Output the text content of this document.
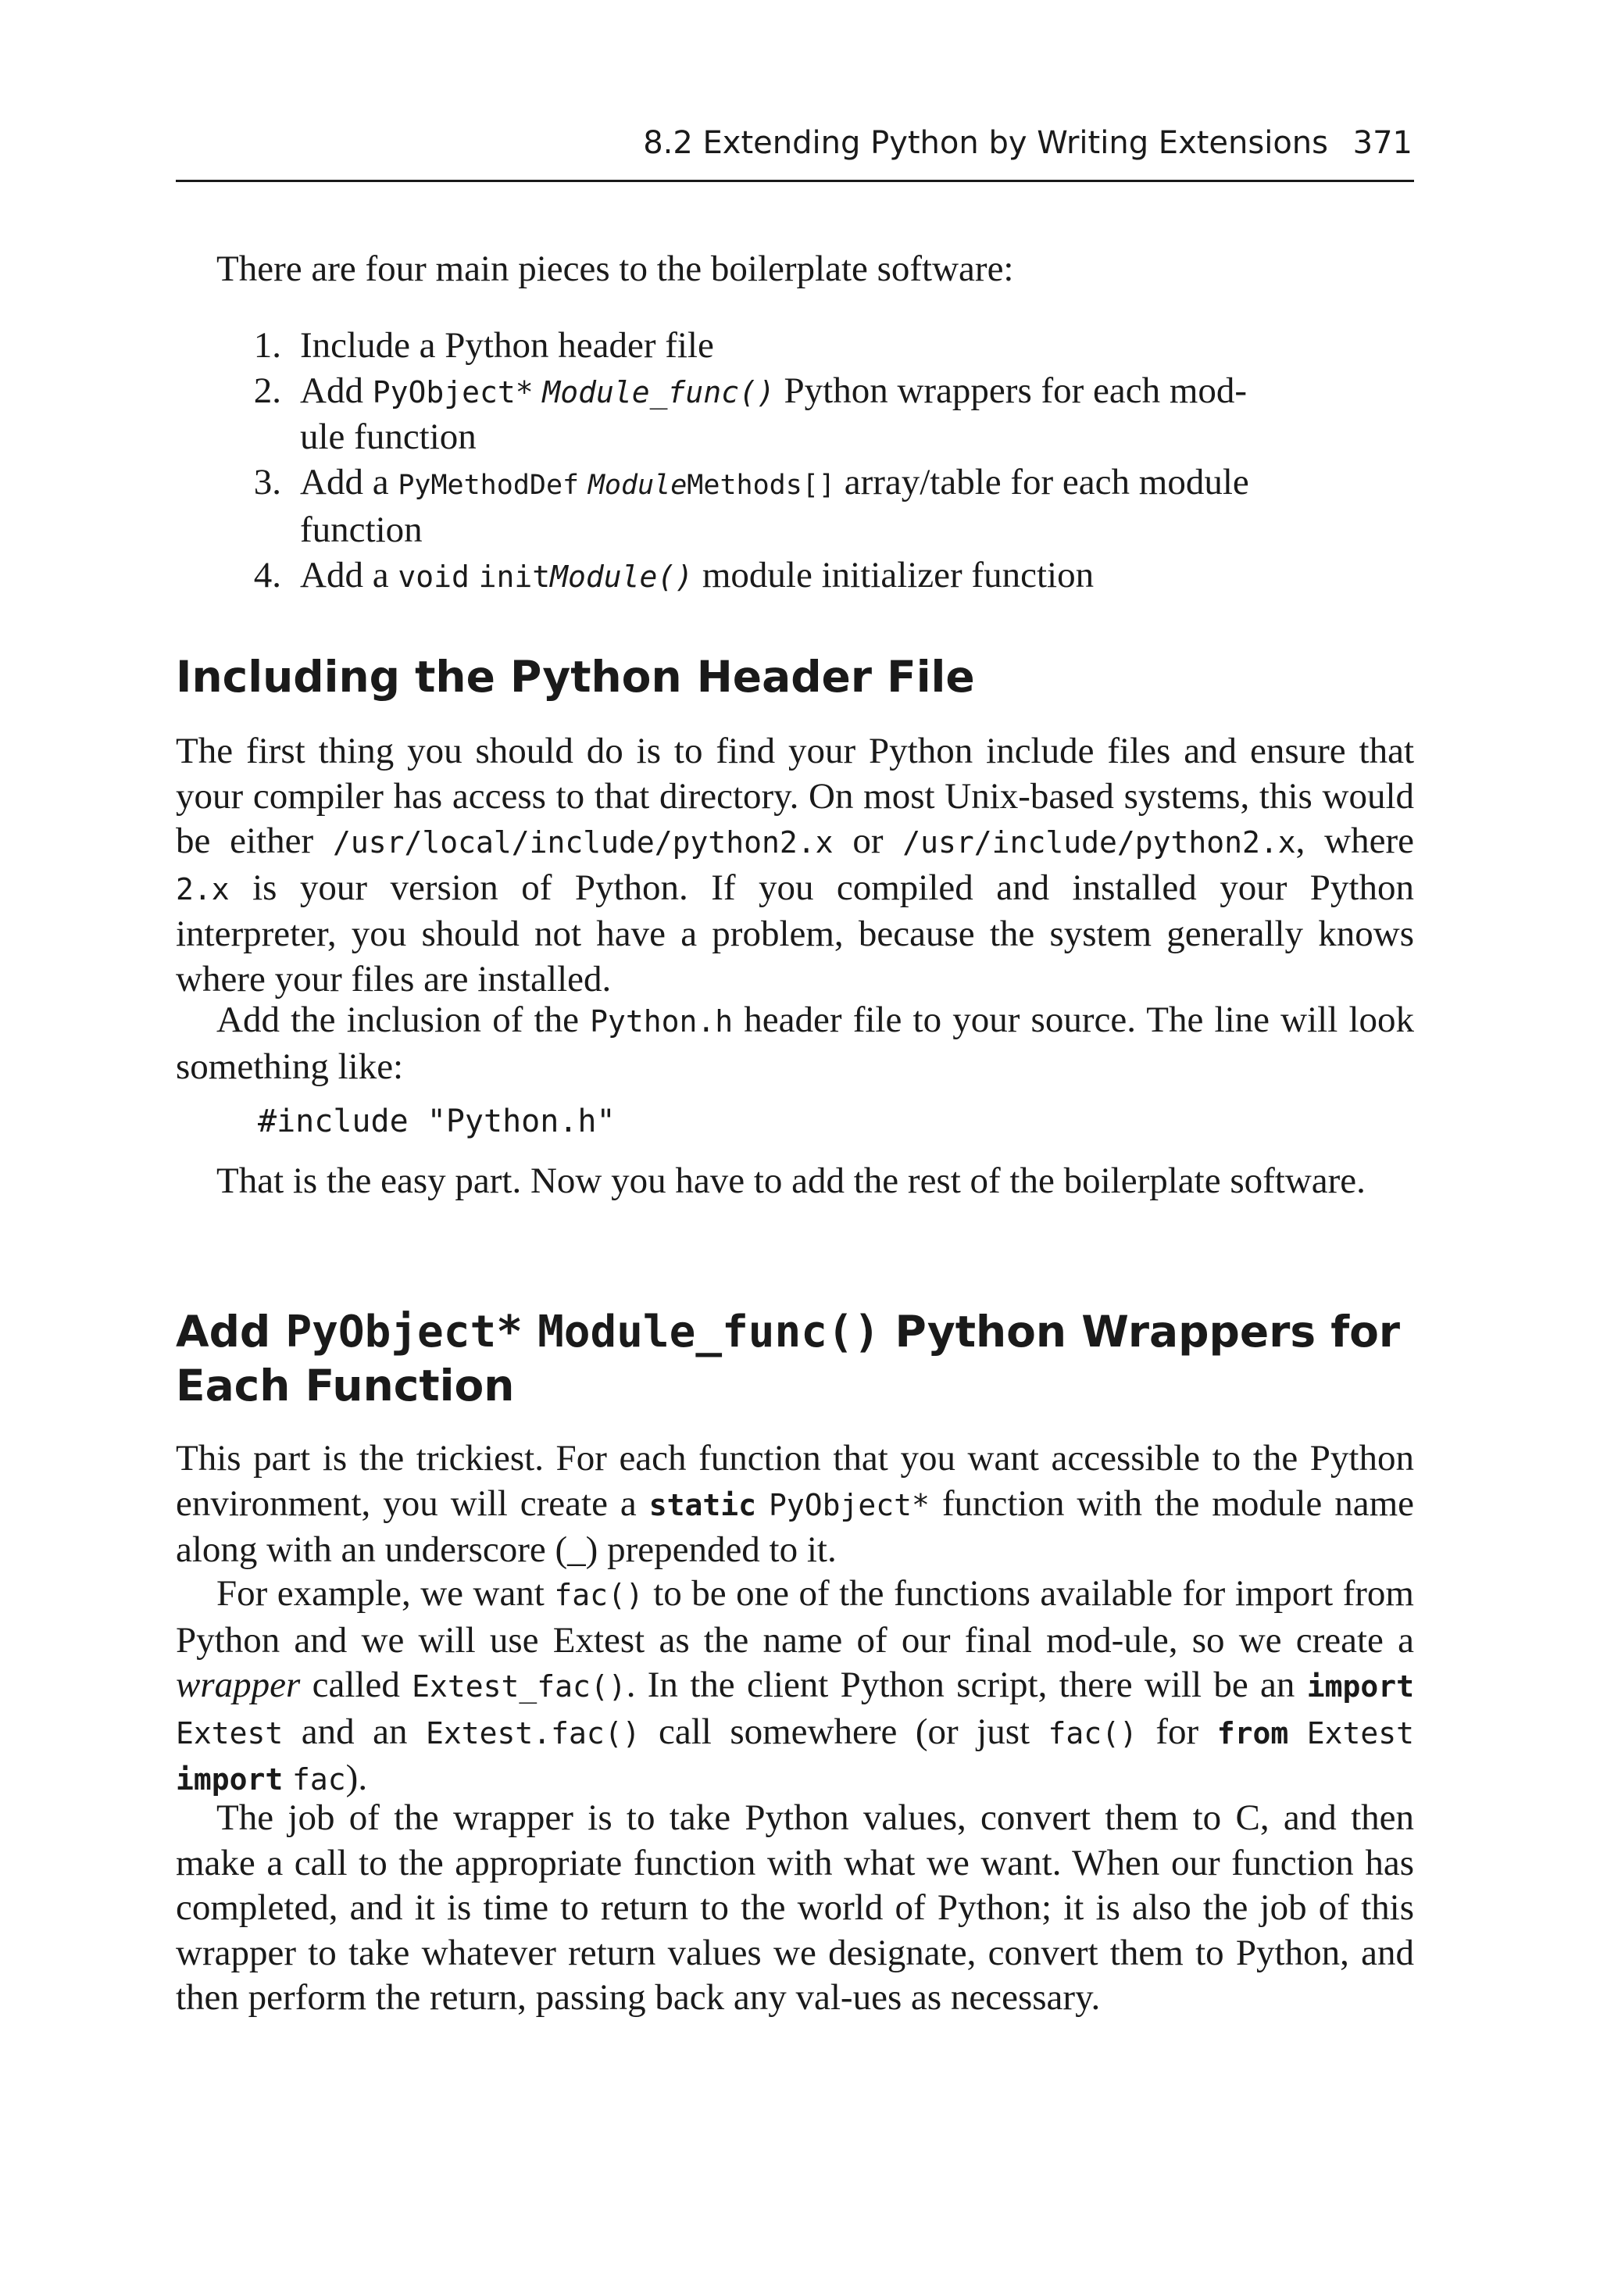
8.2 Extending Python by Writing Extensions 371
There are four main pieces to the boilerplate software:
1. Include a Python header file
2. Add PyObject* Module_func() Python wrappers for each mod-
ule function
3. Add a PyMethodDef ModuleMethods[] array/table for each module
function
4. Add a void initModule() module initializer function
Including the Python Header File
The first thing you should do is to find your Python include files and ensure that your compiler has access to that directory. On most Unix-based systems, this would be either /usr/local/include/python2.x or /usr/include/python2.x, where 2.x is your version of Python. If you compiled and installed your Python interpreter, you should not have a problem, because the system generally knows where your files are installed.
Add the inclusion of the Python.h header file to your source. The line will look something like:
#include "Python.h"
That is the easy part. Now you have to add the rest of the boilerplate software.
Add PyObject* Module_func() Python Wrappers for
Each Function
This part is the trickiest. For each function that you want accessible to the Python environment, you will create a static PyObject* function with the module name along with an underscore (_) prepended to it.
For example, we want fac() to be one of the functions available for import from Python and we will use Extest as the name of our final mod-ule, so we create a wrapper called Extest_fac(). In the client Python script, there will be an import Extest and an Extest.fac() call somewhere (or just fac() for from Extest import fac).
The job of the wrapper is to take Python values, convert them to C, and then make a call to the appropriate function with what we want. When our function has completed, and it is time to return to the world of Python; it is also the job of this wrapper to take whatever return values we designate, convert them to Python, and then perform the return, passing back any val-ues as necessary.
